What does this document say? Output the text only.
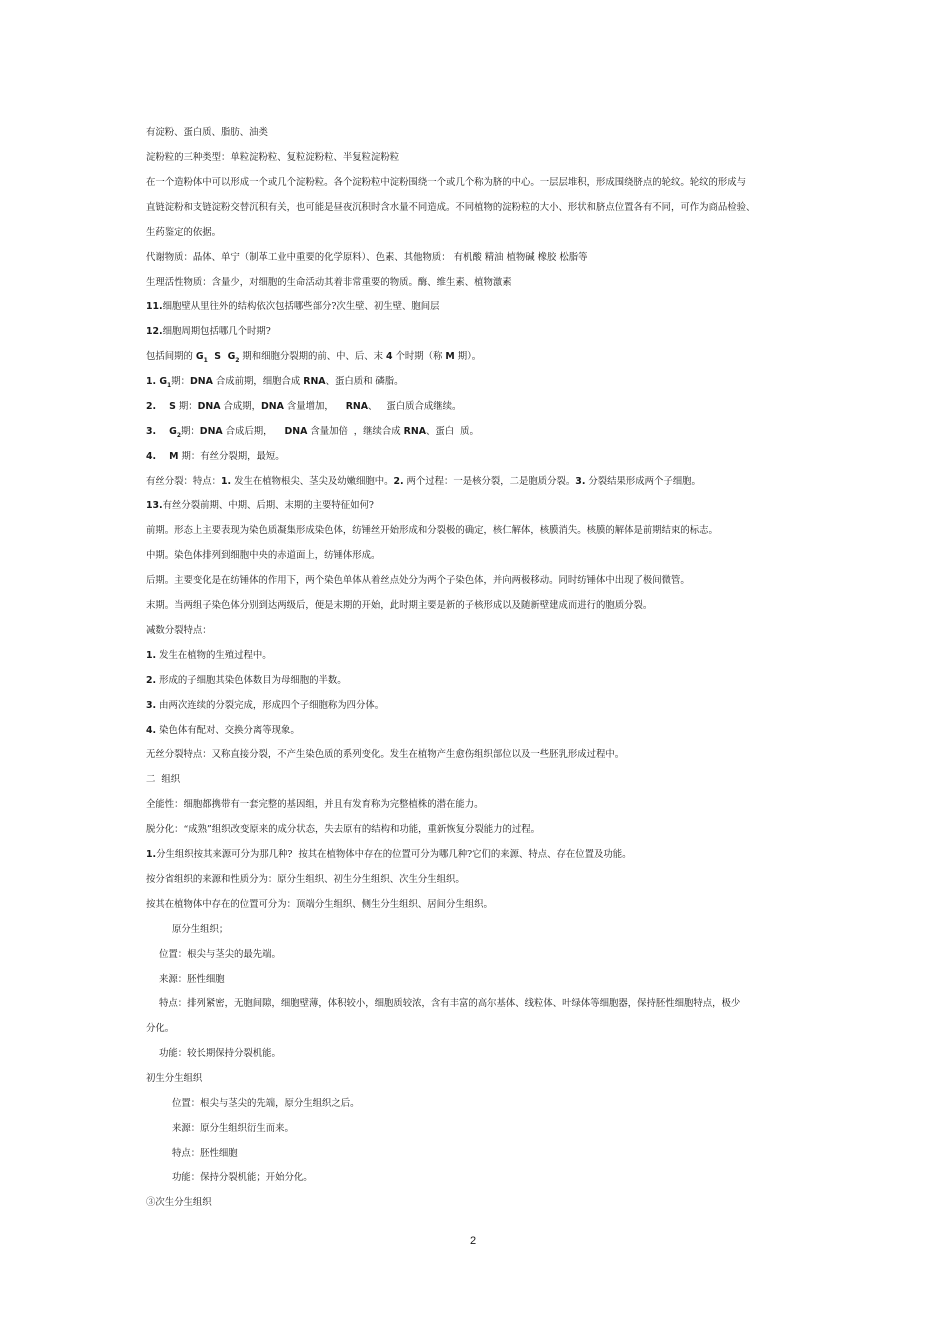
有淀粉、蛋白质、脂肪、油类
淀粉粒的三种类型：单粒淀粉粒、复粒淀粉粒、半复粒淀粉粒
在一个造粉体中可以形成一个或几个淀粉粒。各个淀粉粒中淀粉围绕一个或几个称为脐的中心。一层层堆积，形成围绕脐点的轮纹。轮纹的形成与
直链淀粉和支链淀粉交替沉积有关，也可能是昼夜沉积时含水量不同造成。不同植物的淀粉粒的大小、形状和脐点位置各有不同，可作为商品检验、
生药鉴定的依据。
代谢物质：晶体、单宁（制革工业中重要的化学原料）、色素、其他物质： 有机酸 精油 植物碱 橡胶 松脂等
生理活性物质：含量少，对细胞的生命活动其着非常重要的物质。酶、维生素、植物激素
11.细胞壁从里往外的结构依次包括哪些部分?次生壁、初生壁、胞间层
12.细胞周期包括哪几个时期?
包括间期的 $G_1$  S  $G_2$ 期和细胞分裂期的前、中、后、末 4 个时期（称 M 期）。
1. $G_1$期：DNA 合成前期，细胞合成 RNA、蛋白质和 磷脂。
2.    S 期：DNA 合成期，DNA 含量增加，    RNA、   蛋白质合成继续。
3.    $G_2$期：DNA 合成后期，    DNA 含量加倍  ，继续合成 RNA、蛋白  质。
4.    M 期：有丝分裂期，最短。
有丝分裂：特点：1. 发生在植物根尖、茎尖及幼嫩细胞中。2. 两个过程：一是核分裂，二是胞质分裂。3. 分裂结果形成两个子细胞。
13.有丝分裂前期、中期、后期、末期的主要特征如何?
前期。形态上主要表现为染色质凝集形成染色体，纺锤丝开始形成和分裂极的确定，核仁解体，核膜消失。核膜的解体是前期结束的标志。
中期。染色体排列到细胞中央的赤道面上，纺锤体形成。
后期。主要变化是在纺锤体的作用下，两个染色单体从着丝点处分为两个子染色体，并向两极移动。同时纺锤体中出现了极间微管。
末期。当两组子染色体分别到达两级后，便是末期的开始，此时期主要是新的子核形成以及随新壁建成而进行的胞质分裂。
减数分裂特点：
1. 发生在植物的生殖过程中。
2. 形成的子细胞其染色体数目为母细胞的半数。
3. 由两次连续的分裂完成，形成四个子细胞称为四分体。
4. 染色体有配对、交换分离等现象。
无丝分裂特点：又称直接分裂，不产生染色质的系列变化。发生在植物产生愈伤组织部位以及一些胚乳形成过程中。
二  组织
全能性：细胞都携带有一套完整的基因组，并且有发育称为完整植株的潜在能力。
脱分化：“成熟”组织改变原来的成分状态，失去原有的结构和功能，重新恢复分裂能力的过程。
1.分生组织按其来源可分为那几种?  按其在植物体中存在的位置可分为哪几种?它们的来源、特点、存在位置及功能。
按分省组织的来源和性质分为：原分生组织、初生分生组织、次生分生组织。
按其在植物体中存在的位置可分为：顶端分生组织、侧生分生组织、居间分生组织。
原分生组织；
位置：根尖与茎尖的最先端。
来源：胚性细胞
特点：排列紧密，无胞间隙，细胞壁薄，体积较小，细胞质较浓，含有丰富的高尔基体、线粒体、叶绿体等细胞器，保持胚性细胞特点，极少
分化。
功能：较长期保持分裂机能。
初生分生组织
位置：根尖与茎尖的先端，原分生组织之后。
来源：原分生组织衍生而来。
特点：胚性细胞
功能：保持分裂机能；开始分化。
③次生分生组织
2
